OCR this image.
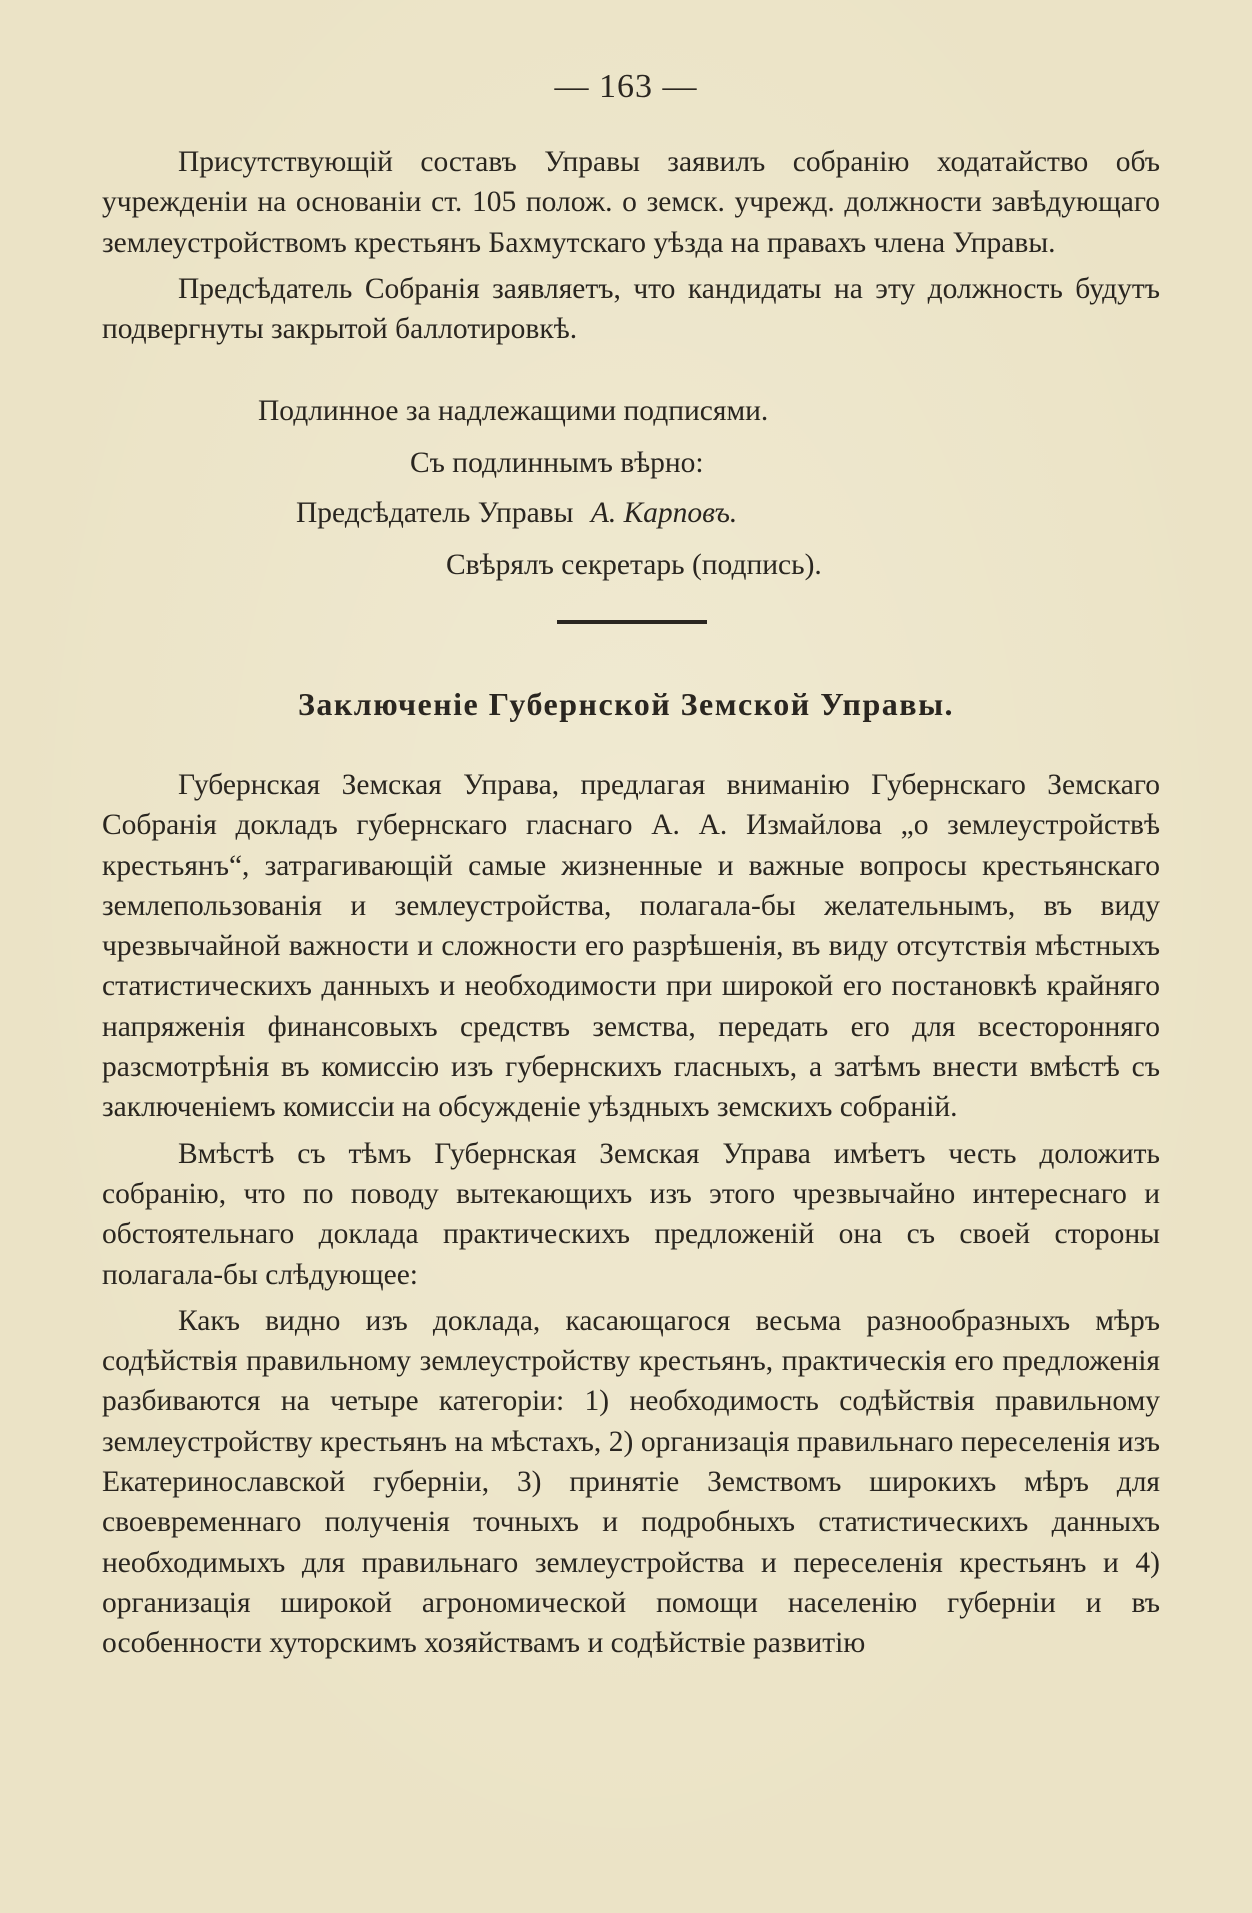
— 163 —

Присутствующій составъ Управы заявилъ собранію ходатайство объ учрежденіи на основаніи ст. 105 полож. о земск. учрежд. должности завѣдующаго землеустройствомъ крестьянъ Бахмутскаго уѣзда на правахъ члена Управы.

Предсѣдатель Собранія заявляетъ, что кандидаты на эту должность будутъ подвергнуты закрытой баллотировкѣ.

Подлинное за надлежащими подписями.
Съ подлиннымъ вѣрно:
Предсѣдатель Управы А. Карповъ.
Свѣрялъ секретарь (подпись).
Заключеніе Губернской Земской Управы.

Губернская Земская Управа, предлагая вниманію Губернскаго Земскаго Собранія докладъ губернскаго гласнаго А. А. Измайлова „о землеустройствѣ крестьянъ“, затрагивающій самые жизненные и важные вопросы крестьянскаго землепользованія и землеустройства, полагала-бы желательнымъ, въ виду чрезвычайной важности и сложности его разрѣшенія, въ виду отсутствія мѣстныхъ статистическихъ данныхъ и необходимости при широкой его постановкѣ крайняго напряженія финансовыхъ средствъ земства, передать его для всесторонняго разсмотрѣнія въ комиссію изъ губернскихъ гласныхъ, а затѣмъ внести вмѣстѣ съ заключеніемъ комиссіи на обсужденіе уѣздныхъ земскихъ собраній.

Вмѣстѣ съ тѣмъ Губернская Земская Управа имѣетъ честь доложить собранію, что по поводу вытекающихъ изъ этого чрезвычайно интереснаго и обстоятельнаго доклада практическихъ предложеній она съ своей стороны полагала-бы слѣдующее:

Какъ видно изъ доклада, касающагося весьма разнообразныхъ мѣръ содѣйствія правильному землеустройству крестьянъ, практическія его предложенія разбиваются на четыре категоріи: 1) необходимость содѣйствія правильному землеустройству крестьянъ на мѣстахъ, 2) организація правильнаго переселенія изъ Екатеринославской губерніи, 3) принятіе Земствомъ широкихъ мѣръ для своевременнаго полученія точныхъ и подробныхъ статистическихъ данныхъ необходимыхъ для правильнаго землеустройства и переселенія крестьянъ и 4) организація широкой агрономической помощи населенію губерніи и въ особенности хуторскимъ хозяйствамъ и содѣйствіе развитію
